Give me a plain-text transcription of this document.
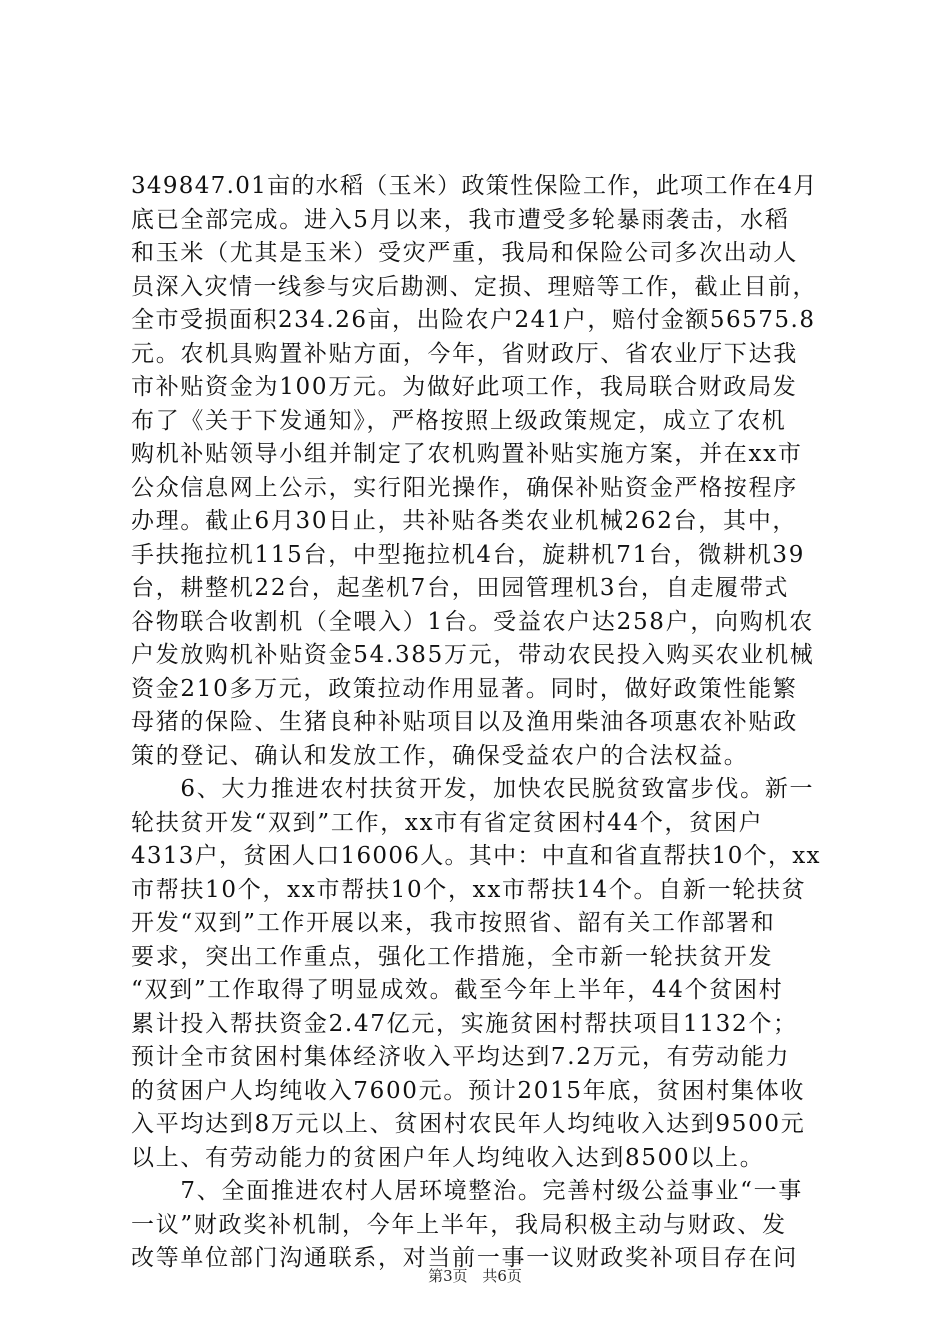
349847.01亩的水稻（玉米）政策性保险工作，此项工作在4月
底已全部完成。进入5月以来，我市遭受多轮暴雨袭击，水稻
和玉米（尤其是玉米）受灾严重，我局和保险公司多次出动人
员深入灾情一线参与灾后勘测、定损、理赔等工作，截止目前，
全市受损面积234.26亩，出险农户241户，赔付金额56575.8
元。农机具购置补贴方面，今年，省财政厅、省农业厅下达我
市补贴资金为100万元。为做好此项工作，我局联合财政局发
布了《关于下发通知》，严格按照上级政策规定，成立了农机
购机补贴领导小组并制定了农机购置补贴实施方案，并在xx市
公众信息网上公示，实行阳光操作，确保补贴资金严格按程序
办理。截止6月30日止，共补贴各类农业机械262台，其中，
手扶拖拉机115台，中型拖拉机4台，旋耕机71台，微耕机39
台，耕整机22台，起垄机7台，田园管理机3台，自走履带式
谷物联合收割机（全喂入）1台。受益农户达258户，向购机农
户发放购机补贴资金54.385万元，带动农民投入购买农业机械
资金210多万元，政策拉动作用显著。同时，做好政策性能繁
母猪的保险、生猪良种补贴项目以及渔用柴油各项惠农补贴政
策的登记、确认和发放工作，确保受益农户的合法权益。
　　6、大力推进农村扶贫开发，加快农民脱贫致富步伐。新一
轮扶贫开发“双到”工作，xx市有省定贫困村44个，贫困户
4313户，贫困人口16006人。其中：中直和省直帮扶10个，xx
市帮扶10个，xx市帮扶10个，xx市帮扶14个。自新一轮扶贫
开发“双到”工作开展以来，我市按照省、韶有关工作部署和
要求，突出工作重点，强化工作措施，全市新一轮扶贫开发
“双到”工作取得了明显成效。截至今年上半年，44个贫困村
累计投入帮扶资金2.47亿元，实施贫困村帮扶项目1132个；
预计全市贫困村集体经济收入平均达到7.2万元，有劳动能力
的贫困户人均纯收入7600元。预计2015年底，贫困村集体收
入平均达到8万元以上、贫困村农民年人均纯收入达到9500元
以上、有劳动能力的贫困户年人均纯收入达到8500以上。
　　7、全面推进农村人居环境整治。完善村级公益事业“一事
一议”财政奖补机制，今年上半年，我局积极主动与财政、发
改等单位部门沟通联系，对当前一事一议财政奖补项目存在问
第3页 共6页
